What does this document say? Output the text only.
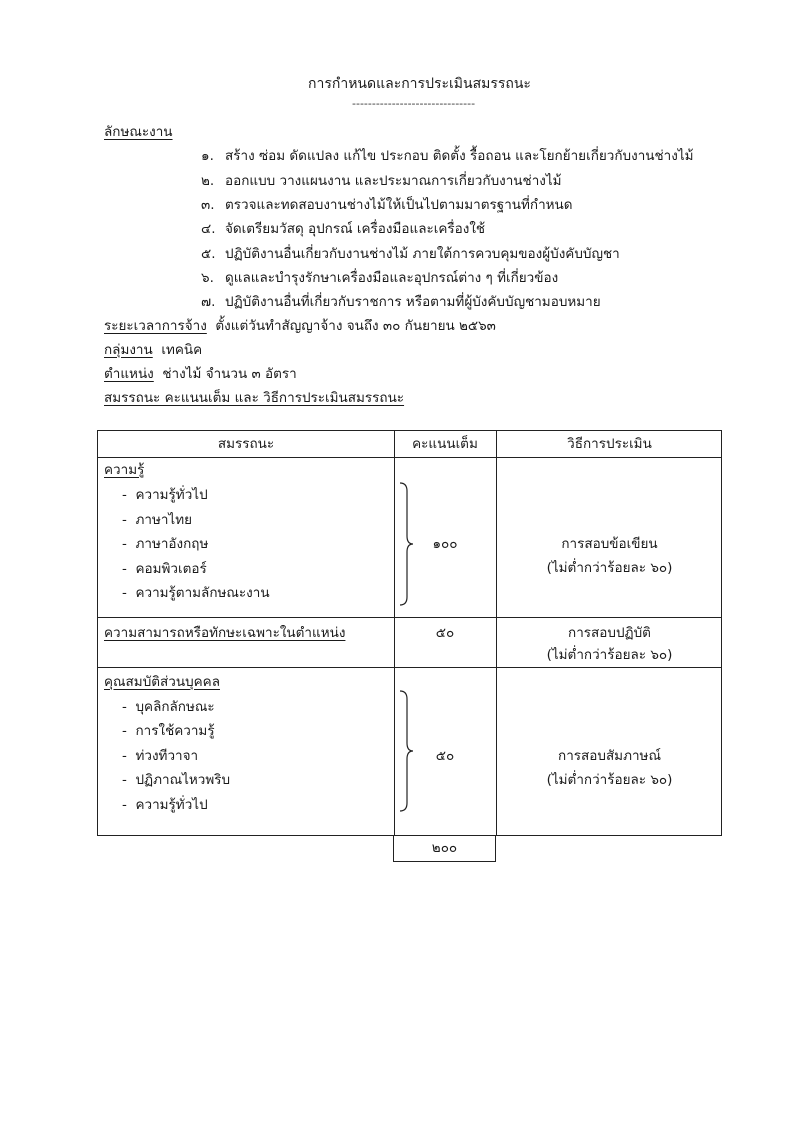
การกำหนดและการประเมินสมรรถนะ
-------------------------------
ลักษณะงาน
๑. สร้าง ซ่อม ดัดแปลง แก้ไข ประกอบ ติดตั้ง รื้อถอน และโยกย้ายเกี่ยวกับงานช่างไม้
๒. ออกแบบ วางแผนงาน และประมาณการเกี่ยวกับงานช่างไม้
๓. ตรวจและทดสอบงานช่างไม้ให้เป็นไปตามมาตรฐานที่กำหนด
๔. จัดเตรียมวัสดุ อุปกรณ์ เครื่องมือและเครื่องใช้
๕. ปฏิบัติงานอื่นเกี่ยวกับงานช่างไม้ ภายใต้การควบคุมของผู้บังคับบัญชา
๖. ดูแลและบำรุงรักษาเครื่องมือและอุปกรณ์ต่าง ๆ ที่เกี่ยวข้อง
๗. ปฏิบัติงานอื่นที่เกี่ยวกับราชการ หรือตามที่ผู้บังคับบัญชามอบหมาย
ระยะเวลาการจ้าง ตั้งแต่วันทำสัญญาจ้าง จนถึง ๓๐ กันยายน ๒๕๖๓
กลุ่มงาน เทคนิค
ตำแหน่ง ช่างไม้ จำนวน ๓ อัตรา
สมรรถนะ คะแนนเต็ม และ วิธีการประเมินสมรรถนะ
สมรรถนะ	คะแนนเต็ม	วิธีการประเมิน
ความรู้
- ความรู้ทั่วไป
- ภาษาไทย
- ภาษาอังกฤษ
- คอมพิวเตอร์
- ความรู้ตามลักษณะงาน
๑๐๐	การสอบข้อเขียน
(ไม่ต่ำกว่าร้อยละ ๖๐)
ความสามารถหรือทักษะเฉพาะในตำแหน่ง	๕๐	การสอบปฏิบัติ
(ไม่ต่ำกว่าร้อยละ ๖๐)
คุณสมบัติส่วนบุคคล
- บุคลิกลักษณะ
- การใช้ความรู้
- ท่วงทีวาจา
- ปฏิภาณไหวพริบ
- ความรู้ทั่วไป
๕๐	การสอบสัมภาษณ์
(ไม่ต่ำกว่าร้อยละ ๖๐)
๒๐๐
